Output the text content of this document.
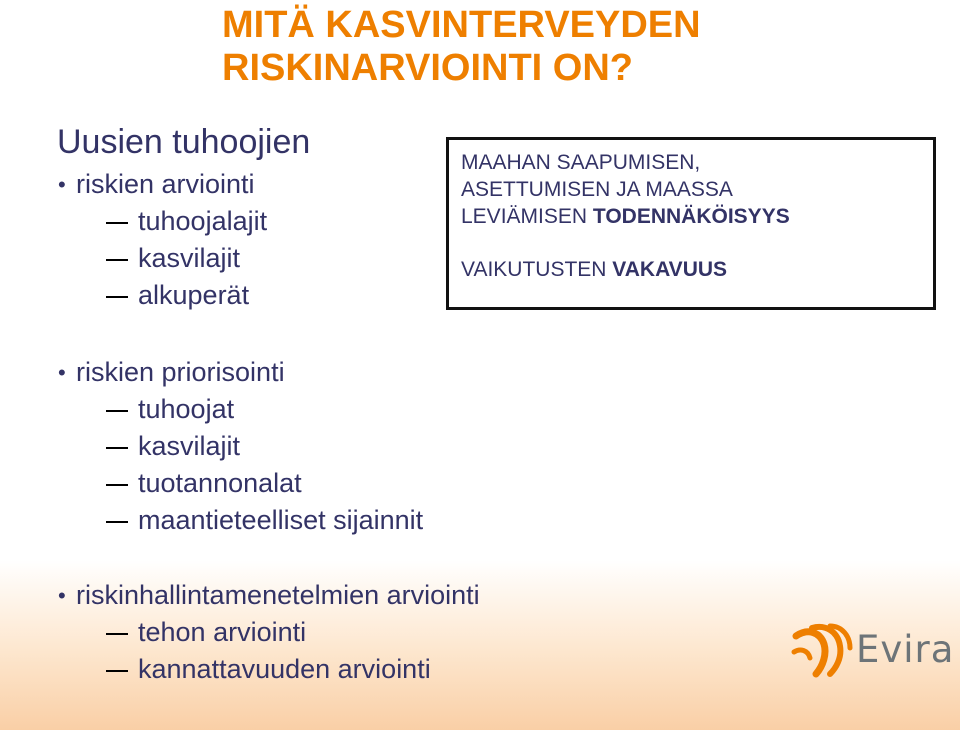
MITÄ KASVINTERVEYDEN
RISKINARVIOINTI ON?
Uusien tuhoojien
• riskien arviointi
tuhoojalajit
kasvilajit
alkuperät
MAAHAN SAAPUMISEN,
ASETTUMISEN JA MAASSA
LEVIÄMISEN TODENNÄKÖISYYS
VAIKUTUSTEN VAKAVUUS
• riskien priorisointi
tuhoojat
kasvilajit
tuotannonalat
maantieteelliset sijainnit
• riskinhallintamenetelmien arviointi
tehon arviointi
kannattavuuden arviointi	Evira
